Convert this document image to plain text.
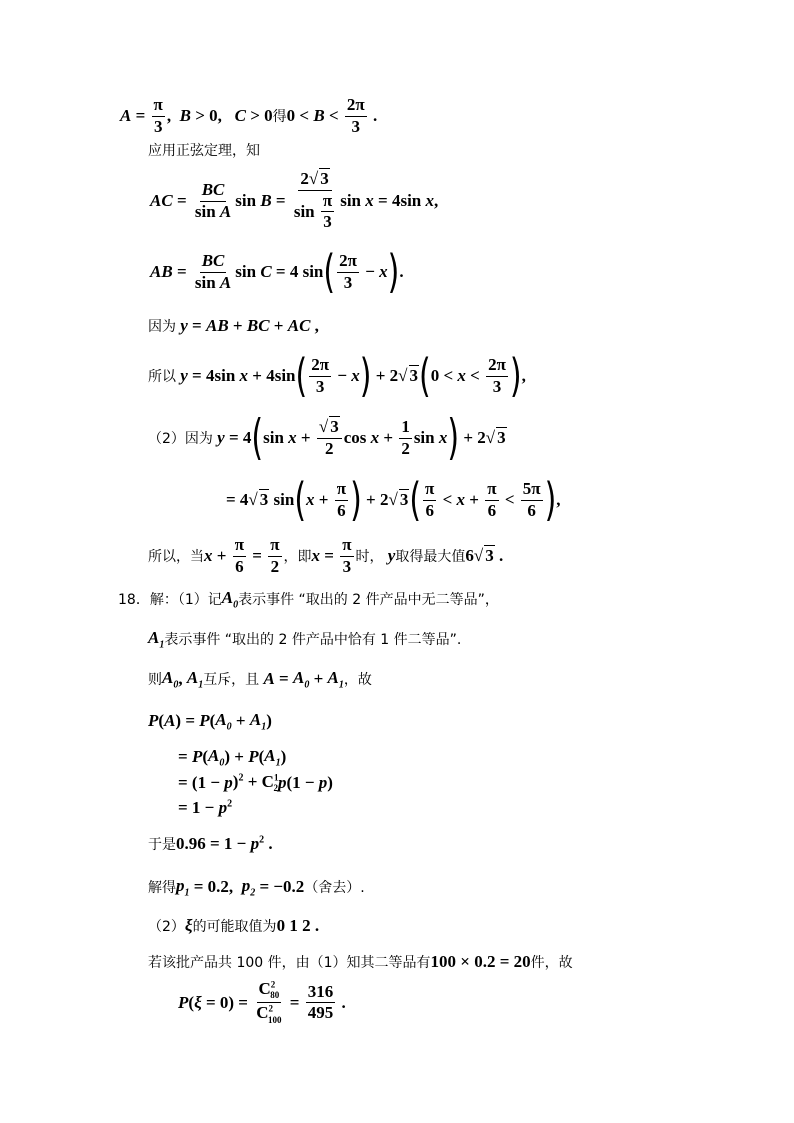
$A = \frac{\pi}{3}$ , B > 0, C > 0 得 $0 < B < \frac{2\pi}{3}$ .
应用正弦定理，知
AC = $\frac{BC}{\text{sin A}}$ $\sin B = \frac{2√ 3}{\sin \frac{\pi}{3}}$ sin x = 4sin x ,
AB = $\frac{BC}{\text{sin A}}$ sin C = 4 sin ( $\frac{2\pi}{3} - x$ ) .
因为 y = AB + BC + AC ,
所以 y = 4sin x + 4sin ( $\frac{2\pi}{3} - x$ ) + 2√ 3 ( $0 < x < \frac{2\pi}{3}$ ) ,
（2）因为 y = 4 ( $\sin x + \frac{√ 3}{2}$ $\cos x + \frac{1}{2}$ sin x ) + 2√ 3
= 4√ 3 sin ( $x + \frac{\pi}{6}$ ) + 2√ 3 ( $\frac{\pi}{6} < x + \frac{\pi}{6} < \frac{5\pi}{6}$ ) ,
所以，当 $x + \frac{\pi}{6} = \frac{\pi}{2}$ ，即 $x = \frac{\pi}{3}$ 时， y 取得最大值 6√ 3 .
18．解：（1）记 $A_0$ 表示事件 “取出的 2 件产品中无二等品”，
$A_1$ 表示事件 “取出的 2 件产品中恰有 1 件二等品”.
则 $A_0$ , $A_1$ 互斥，且 $A = A_0 + A_1$ ，故
P ( A ) = P ( $A_0 + A_1$ )
= P ( $A_0$ ) + P ( $A_1$ )
= (1 − p )$^2 + C^1_2$ p (1 − p )
= 1 − p $^2$
于是 0.96 = 1 − p $^2$ .
解得 $p_1 = 0.2$, $p_2 = -0.2$ （舍去）.
（2） ξ 的可能取值为 0 1 2 .
若该批产品共 100 件，由（1）知其二等品有 100 × 0.2 = 20 件，故
P ( $\xi = 0) = \frac{C^2_{80}}{C^2_{100}} = \frac{316}{495}$ .
